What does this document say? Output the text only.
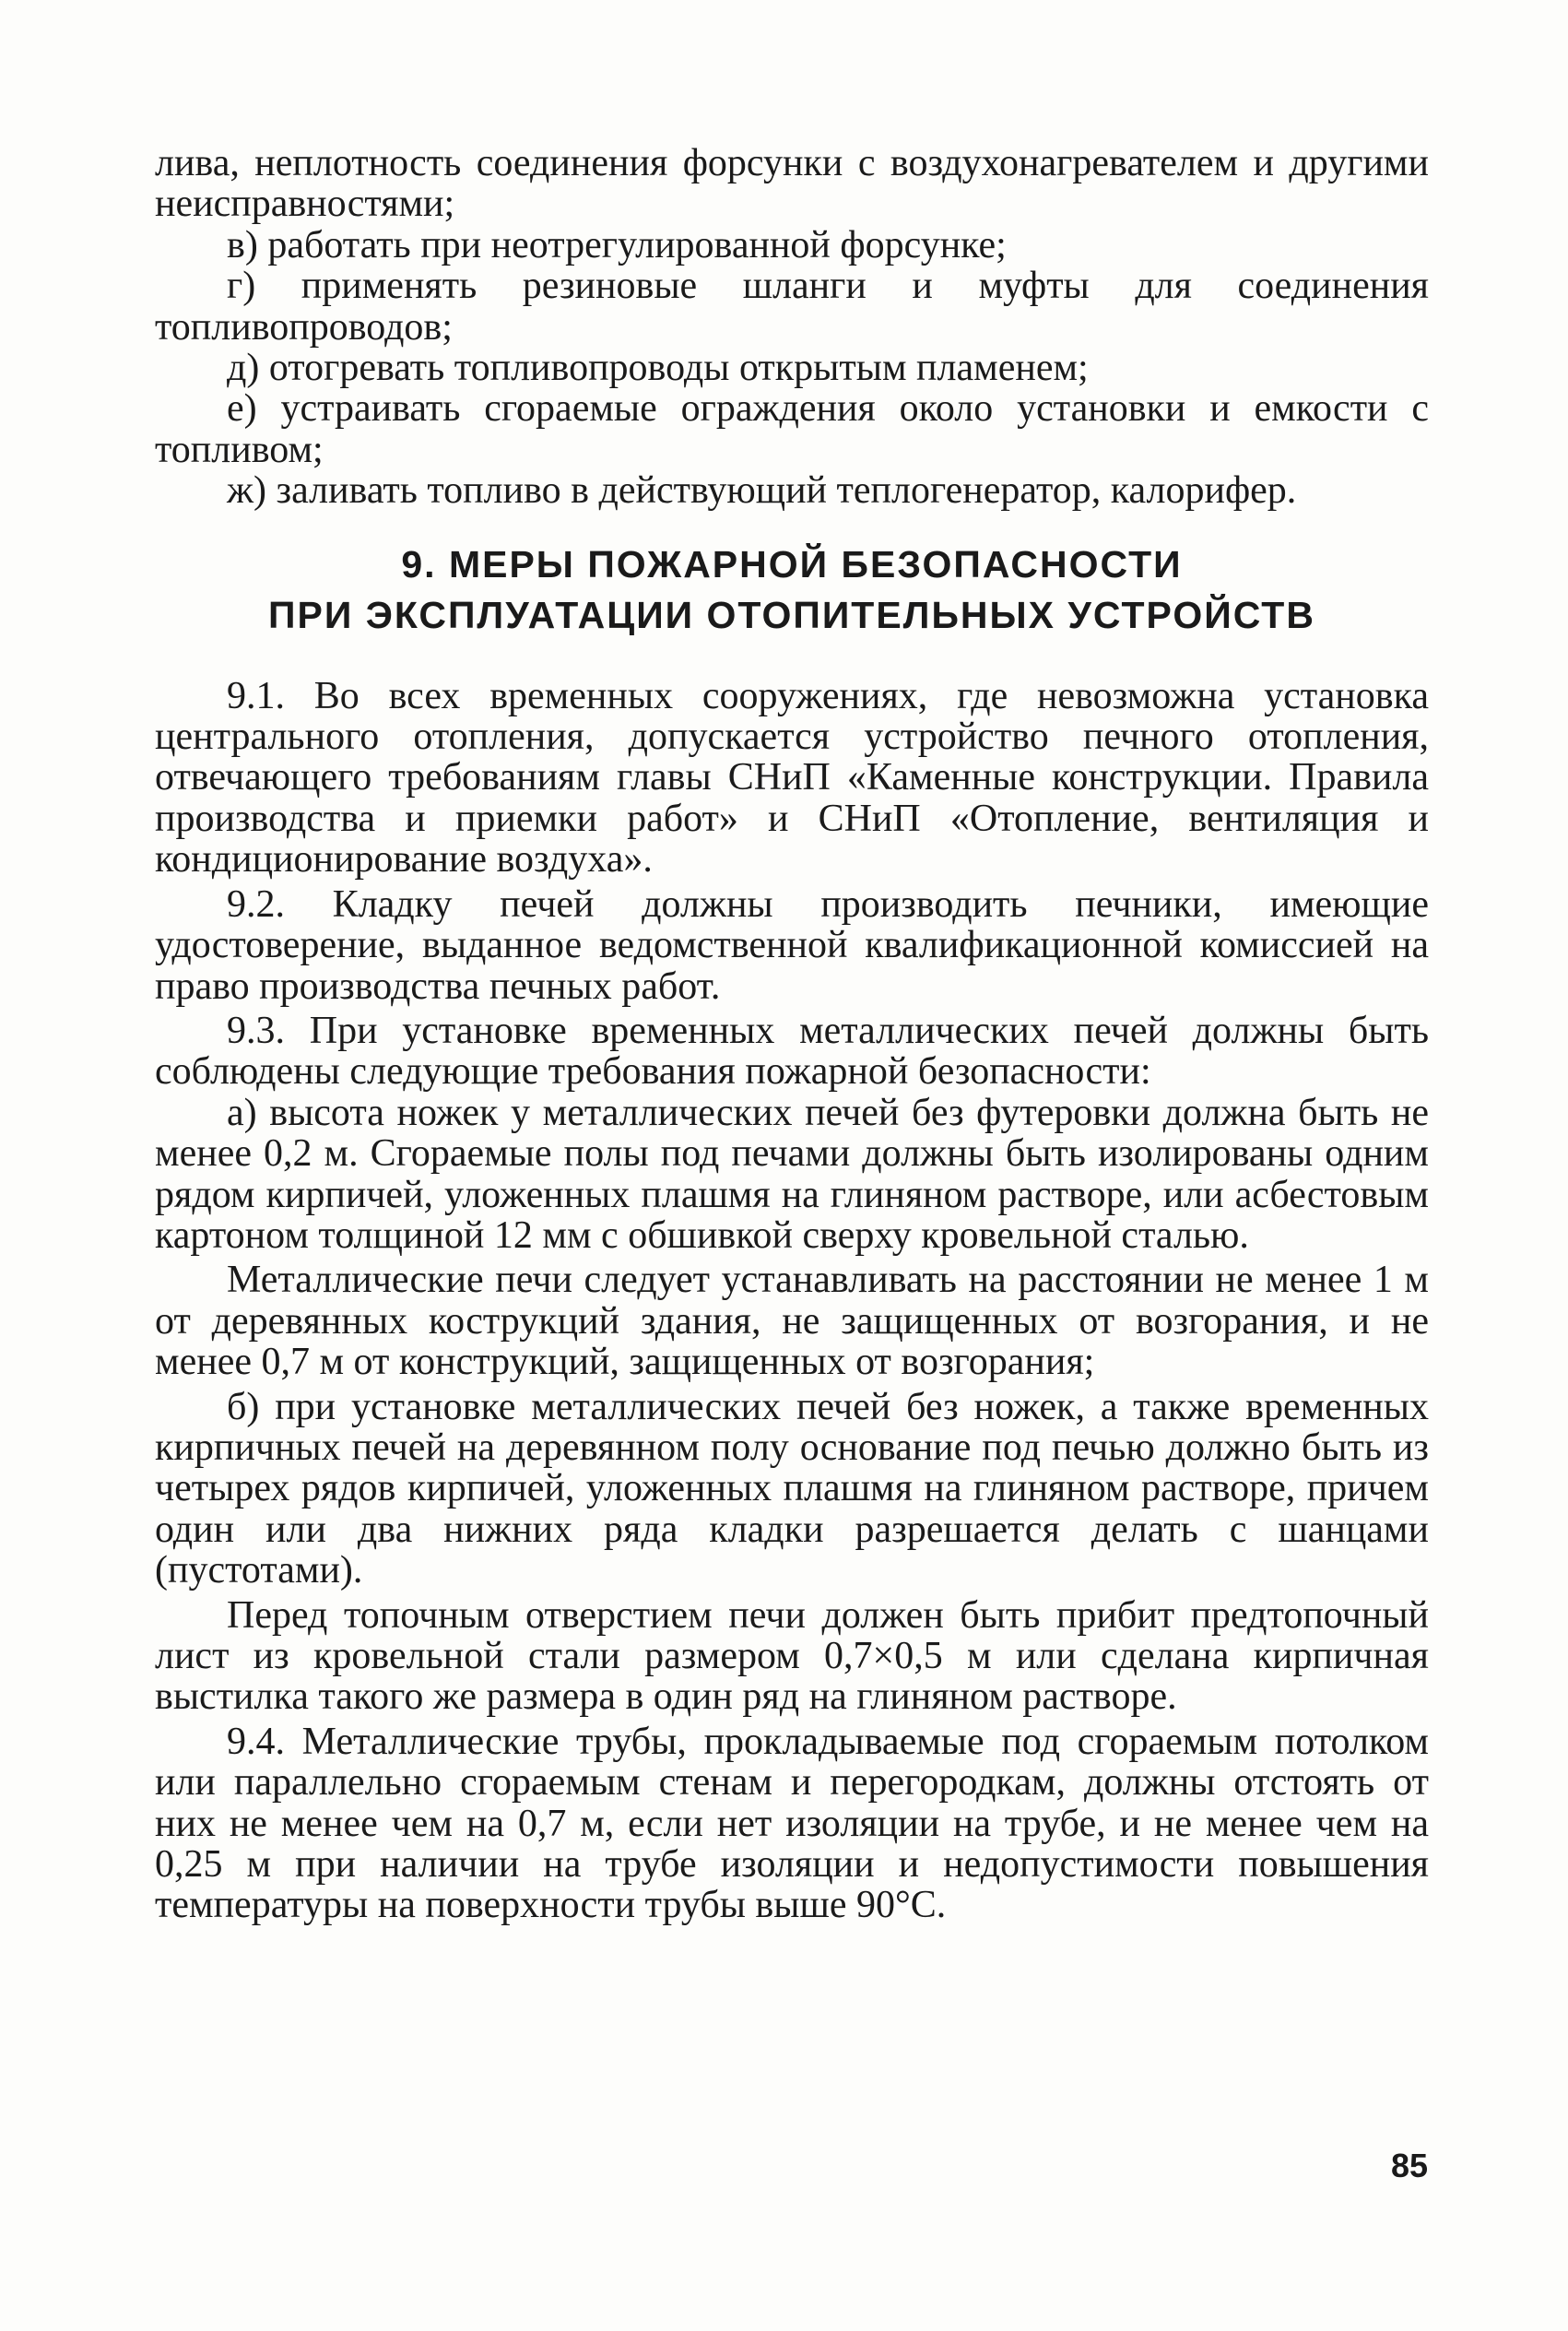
лива, неплотность соединения форсунки с воздухонагревателем и другими неисправностями;

в) работать при неотрегулированной форсунке;

г) применять резиновые шланги и муфты для соединения топливопроводов;

д) отогревать топливопроводы открытым пламенем;

е) устраивать сгораемые ограждения около установки и емкости с топливом;

ж) заливать топливо в действующий теплогенератор, калорифер.

9. МЕРЫ ПОЖАРНОЙ БЕЗОПАСНОСТИ
ПРИ ЭКСПЛУАТАЦИИ ОТОПИТЕЛЬНЫХ УСТРОЙСТВ

9.1. Во всех временных сооружениях, где невозможна установка центрального отопления, допускается устройство печного отопления, отвечающего требованиям главы СНиП «Каменные конструкции. Правила производства и приемки работ» и СНиП «Отопление, вентиляция и кондиционирование воздуха».

9.2. Кладку печей должны производить печники, имеющие удостоверение, выданное ведомственной квалификационной комиссией на право производства печных работ.

9.3. При установке временных металлических печей должны быть соблюдены следующие требования пожарной безопасности:

а) высота ножек у металлических печей без футеровки должна быть не менее 0,2 м. Сгораемые полы под печами должны быть изолированы одним рядом кирпичей, уложенных плашмя на глиняном растворе, или асбестовым картоном толщиной 12 мм с обшивкой сверху кровельной сталью.

Металлические печи следует устанавливать на расстоянии не менее 1 м от деревянных кострукций здания, не защищенных от возгорания, и не менее 0,7 м от конструкций, защищенных от возгорания;

б) при установке металлических печей без ножек, а также временных кирпичных печей на деревянном полу основание под печью должно быть из четырех рядов кирпичей, уложенных плашмя на глиняном растворе, причем один или два нижних ряда кладки разрешается делать с шанцами (пустотами).

Перед топочным отверстием печи должен быть прибит предтопочный лист из кровельной стали размером 0,7×0,5 м или сделана кирпичная выстилка такого же размера в один ряд на глиняном растворе.

9.4. Металлические трубы, прокладываемые под сгораемым потолком или параллельно сгораемым стенам и перегородкам, должны отстоять от них не менее чем на 0,7 м, если нет изоляции на трубе, и не менее чем на 0,25 м при наличии на трубе изоляции и недопустимости повышения температуры на поверхности трубы выше 90°C.

85
